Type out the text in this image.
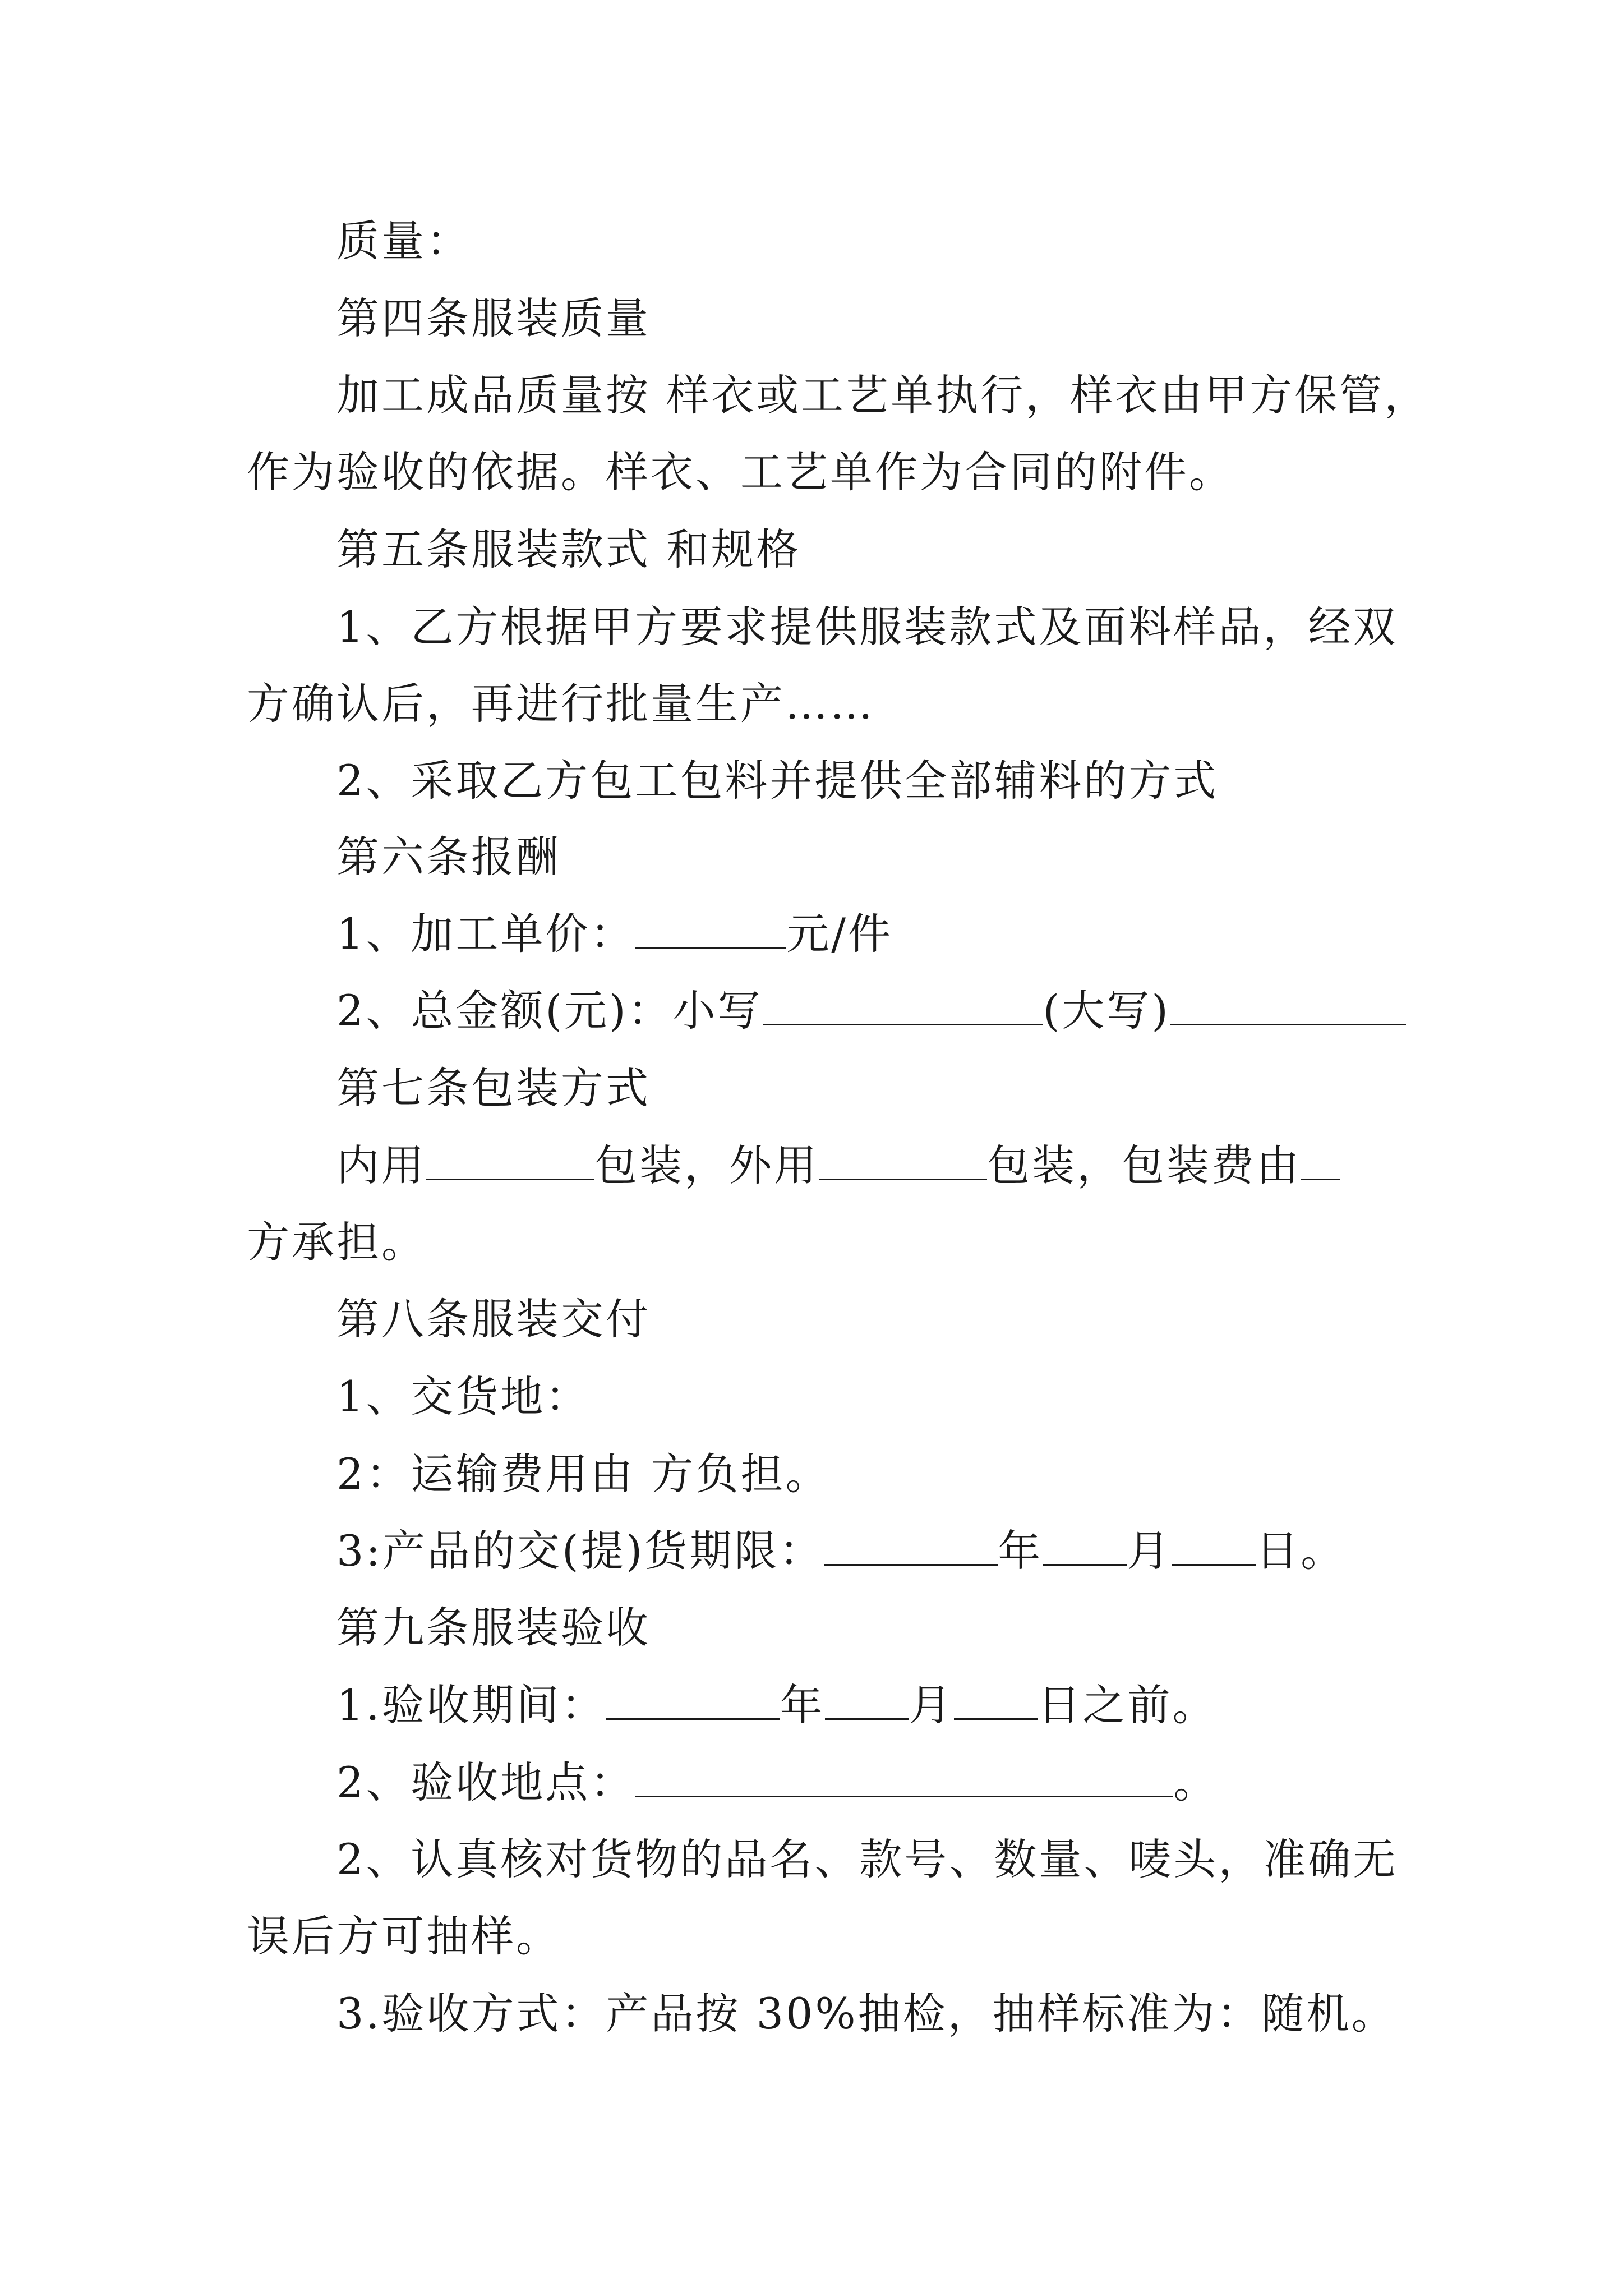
质量：
第四条服装质量
加工成品质量按 样衣或工艺单执行，样衣由甲方保管，
作为验收的依据。样衣、工艺单作为合同的附件。
第五条服装款式 和规格
1、乙方根据甲方要求提供服装款式及面料样品，经双
方确认后，再进行批量生产……
2、采取乙方包工包料并提供全部辅料的方式
第六条报酬
1、加工单价：	元/件
2、总金额(元)：小写	(大写)
第七条包装方式
内用	包装，外用	包装，包装费由
方承担。
第八条服装交付
1、交货地：
2：运输费用由 方负担。
3:产品的交(提)货期限：	年 月 日。
第九条服装验收
1.验收期间：	年 月 日之前。
2、验收地点：	。
2、认真核对货物的品名、款号、数量、唛头，准确无
误后方可抽样。
3.验收方式：产品按 30%抽检，抽样标准为：随机。
